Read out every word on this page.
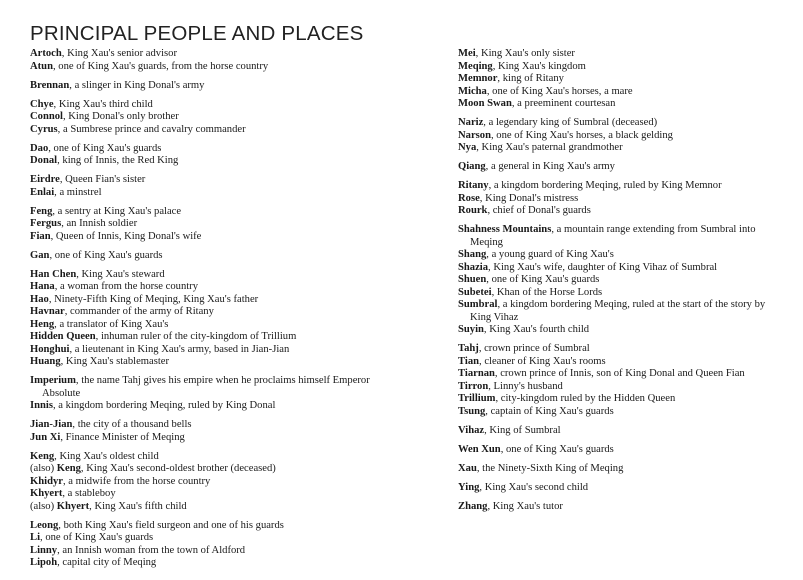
PRINCIPAL PEOPLE AND PLACES
Artoch, King Xau's senior advisor
Atun, one of King Xau's guards, from the horse country
Brennan, a slinger in King Donal's army
Chye, King Xau's third child
Connol, King Donal's only brother
Cyrus, a Sumbrese prince and cavalry commander
Dao, one of King Xau's guards
Donal, king of Innis, the Red King
Eirdre, Queen Fian's sister
Enlai, a minstrel
Feng, a sentry at King Xau's palace
Fergus, an Innish soldier
Fian, Queen of Innis, King Donal's wife
Gan, one of King Xau's guards
Han Chen, King Xau's steward
Hana, a woman from the horse country
Hao, Ninety-Fifth King of Meqing, King Xau's father
Havnar, commander of the army of Ritany
Heng, a translator of King Xau's
Hidden Queen, inhuman ruler of the city-kingdom of Trillium
Honghui, a lieutenant in King Xau's army, based in Jian-Jian
Huang, King Xau's stablemaster
Imperium, the name Tahj gives his empire when he proclaims himself Emperor Absolute
Innis, a kingdom bordering Meqing, ruled by King Donal
Jian-Jian, the city of a thousand bells
Jun Xi, Finance Minister of Meqing
Keng, King Xau's oldest child
(also) Keng, King Xau's second-oldest brother (deceased)
Khidyr, a midwife from the horse country
Khyert, a stableboy
(also) Khyert, King Xau's fifth child
Leong, both King Xau's field surgeon and one of his guards
Li, one of King Xau's guards
Linny, an Innish woman from the town of Aldford
Lipoh, capital city of Meqing
Mei, King Xau's only sister
Meqing, King Xau's kingdom
Memnor, king of Ritany
Micha, one of King Xau's horses, a mare
Moon Swan, a preeminent courtesan
Nariz, a legendary king of Sumbral (deceased)
Narson, one of King Xau's horses, a black gelding
Nya, King Xau's paternal grandmother
Qiang, a general in King Xau's army
Ritany, a kingdom bordering Meqing, ruled by King Memnor
Rose, King Donal's mistress
Rourk, chief of Donal's guards
Shahness Mountains, a mountain range extending from Sumbral into Meqing
Shang, a young guard of King Xau's
Shazia, King Xau's wife, daughter of King Vihaz of Sumbral
Shuen, one of King Xau's guards
Subetei, Khan of the Horse Lords
Sumbral, a kingdom bordering Meqing, ruled at the start of the story by King Vihaz
Suyin, King Xau's fourth child
Tahj, crown prince of Sumbral
Tian, cleaner of King Xau's rooms
Tiarnan, crown prince of Innis, son of King Donal and Queen Fian
Tirron, Linny's husband
Trillium, city-kingdom ruled by the Hidden Queen
Tsung, captain of King Xau's guards
Vihaz, King of Sumbral
Wen Xun, one of King Xau's guards
Xau, the Ninety-Sixth King of Meqing
Ying, King Xau's second child
Zhang, King Xau's tutor
